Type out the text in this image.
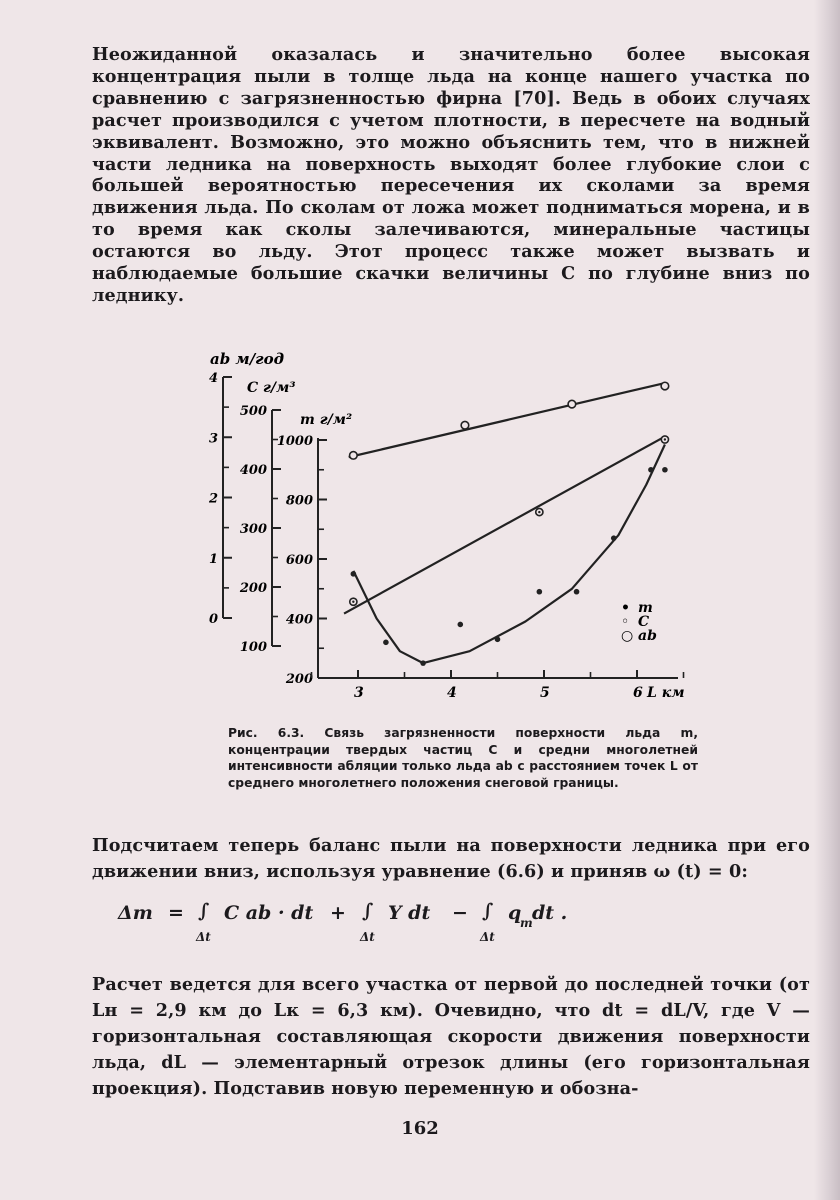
Неожиданной оказалась и значительно более высокая концентрация пыли в толще льда на конце нашего участка по сравнению с загрязненностью фирна [70]. Ведь в обоих случаях расчет производился с учетом плотности, в пересчете на водный эквивалент. Возможно, это можно объяснить тем, что в нижней части ледника на поверхность выходят более глубокие слои с большей вероятностью пересечения их сколами за время движения льда. По сколам от ложа может подниматься морена, и в то время как сколы залечиваются, минеральные частицы остаются во льду. Этот процесс также может вызвать и наблюдаемые большие скачки величины C по глубине вниз по леднику.
ab м/год
0
1
2
3
4
C г/м³
100
200
300
400
500
m г/м²
200
400
600
800
1000
3	4	5	6 L км
• m
◦ C
○ ab
Рис. 6.3. Связь загрязненности поверхности льда m, концентрации твердых частиц C и средни многолетней интенсивности абляции только льда ab с расстоянием точек L от среднего многолетнего положения снеговой границы.
Подсчитаем теперь баланс пыли на поверхности ледника при его движении вниз, используя уравнение (6.6) и приняв ω (t) = 0:
Δm = ∫
Δt
C ab · dt + ∫
Δt
Y dt − ∫
Δt
q
m dt .
Расчет ведется для всего участка от первой до последней точки (от Lн = 2,9 км до Lк = 6,3 км). Очевидно, что dt = dL/V, где V — горизонтальная составляющая скорости движения поверхности льда, dL — элементарный отрезок длины (его горизонтальная проекция). Подставив новую переменную и обозна-
162
